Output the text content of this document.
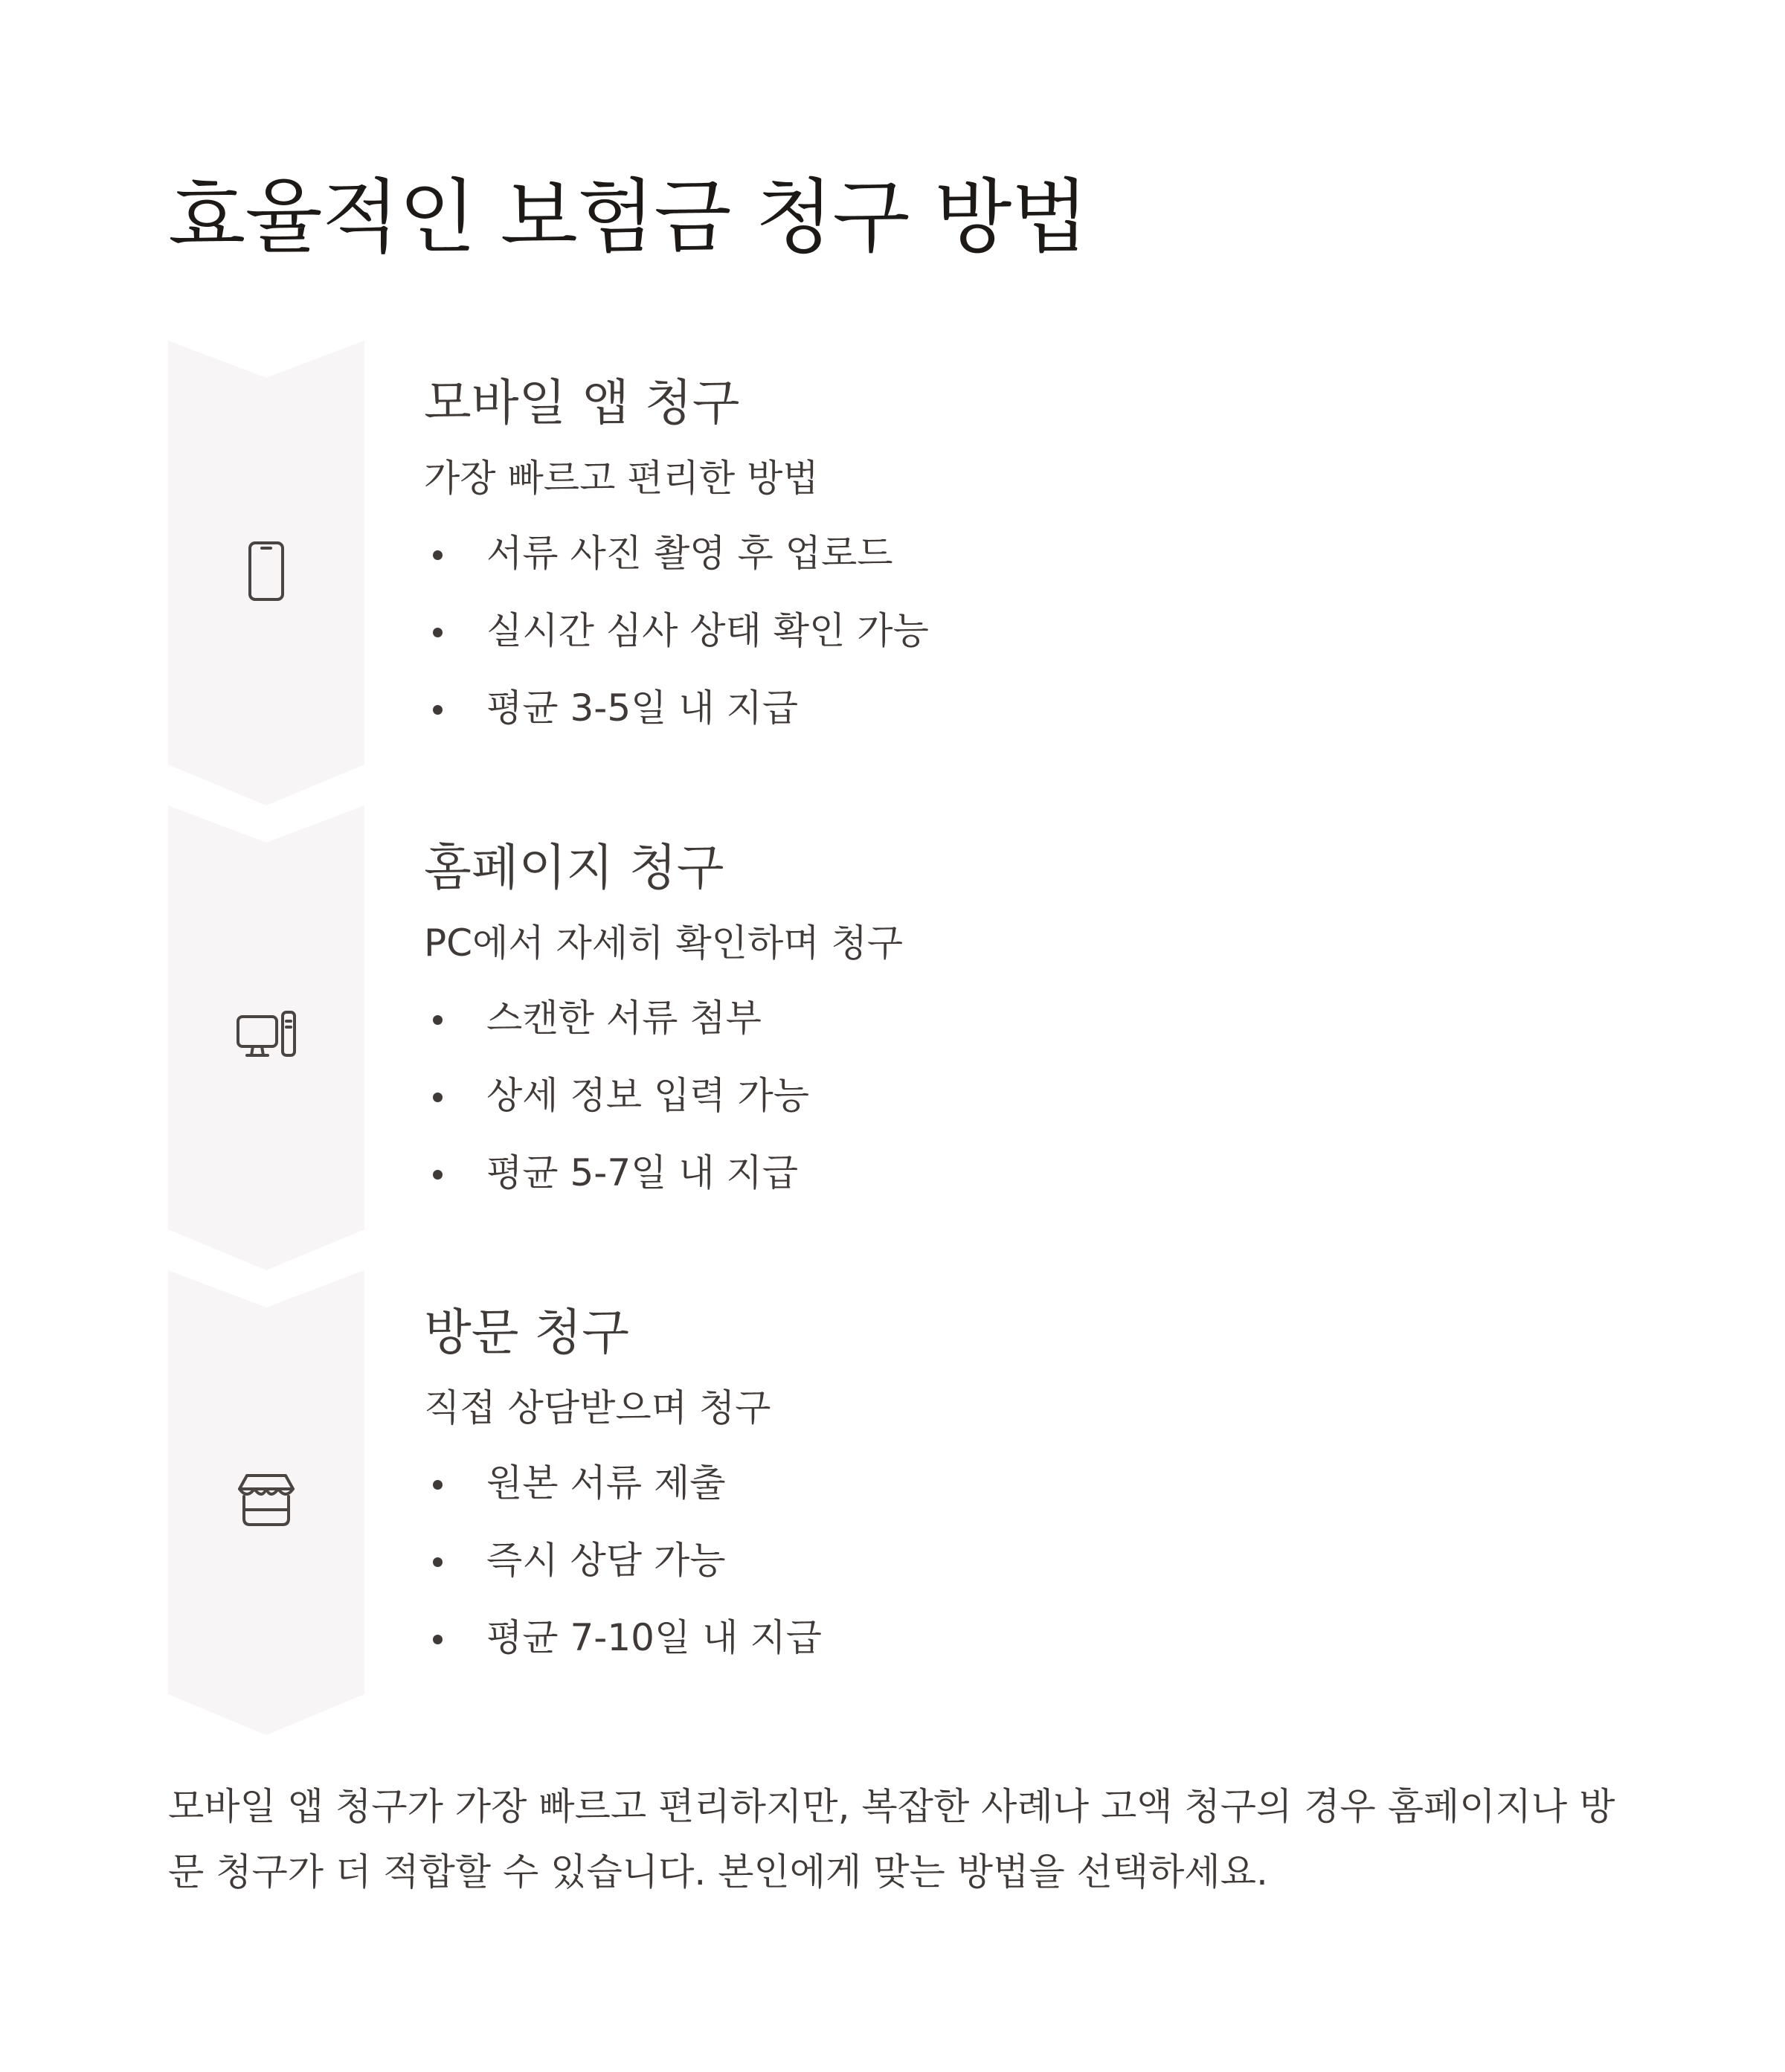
효율적인 보험금 청구 방법
모바일 앱 청구

가장 빠르고 편리한 방법

서류 사진 촬영 후 업로드
실시간 심사 상태 확인 가능
평균 3-5일 내 지급
홈페이지 청구

PC에서 자세히 확인하며 청구

스캔한 서류 첨부
상세 정보 입력 가능
평균 5-7일 내 지급
방문 청구

직접 상담받으며 청구

원본 서류 제출
즉시 상담 가능
평균 7-10일 내 지급

모바일 앱 청구가 가장 빠르고 편리하지만, 복잡한 사례나 고액 청구의 경우 홈페이지나 방문 청구가 더 적합할 수 있습니다. 본인에게 맞는 방법을 선택하세요.
